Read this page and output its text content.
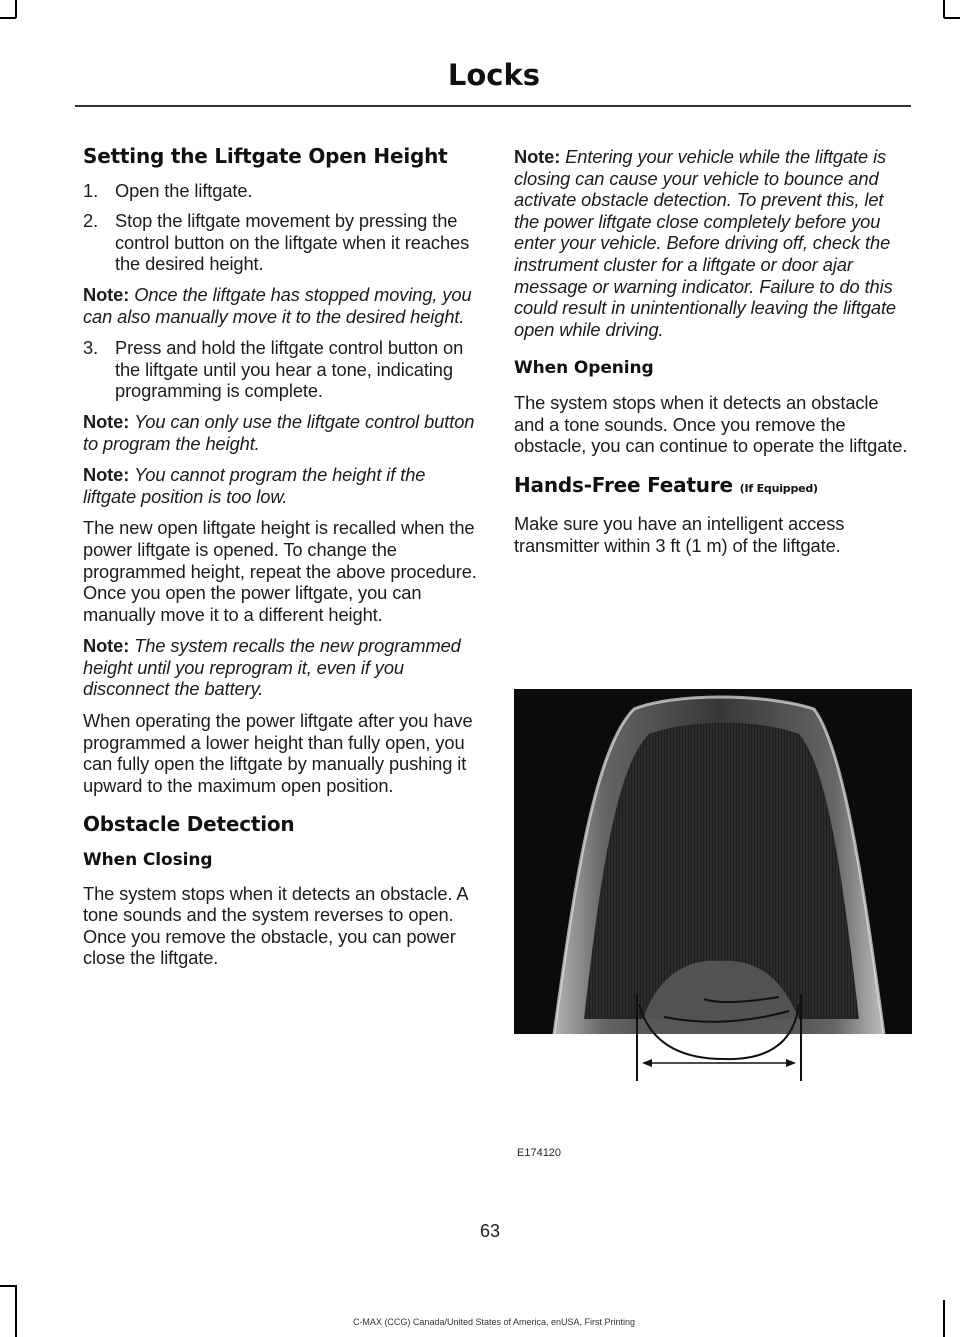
Locks
Setting the Liftgate Open Height
1. Open the liftgate.
2. Stop the liftgate movement by pressing the control button on the liftgate when it reaches the desired height.

Note: Once the liftgate has stopped moving, you can also manually move it to the desired height.

3. Press and hold the liftgate control button on the liftgate until you hear a tone, indicating programming is complete.

Note: You can only use the liftgate control button to program the height.

Note: You cannot program the height if the liftgate position is too low.

The new open liftgate height is recalled when the power liftgate is opened. To change the programmed height, repeat the above procedure. Once you open the power liftgate, you can manually move it to a different height.

Note: The system recalls the new programmed height until you reprogram it, even if you disconnect the battery.

When operating the power liftgate after you have programmed a lower height than fully open, you can fully open the liftgate by manually pushing it upward to the maximum open position.

Obstacle Detection
When Closing

The system stops when it detects an obstacle. A tone sounds and the system reverses to open. Once you remove the obstacle, you can power close the liftgate.

Note: Entering your vehicle while the liftgate is closing can cause your vehicle to bounce and activate obstacle detection. To prevent this, let the power liftgate close completely before you enter your vehicle. Before driving off, check the instrument cluster for a liftgate or door ajar message or warning indicator. Failure to do this could result in unintentionally leaving the liftgate open while driving.

When Opening

The system stops when it detects an obstacle and a tone sounds. Once you remove the obstacle, you can continue to operate the liftgate.

Hands-Free Feature (If Equipped)

Make sure you have an intelligent access transmitter within 3 ft (1 m) of the liftgate.

E174120
63
C-MAX (CCG) Canada/United States of America, enUSA, First Printing
